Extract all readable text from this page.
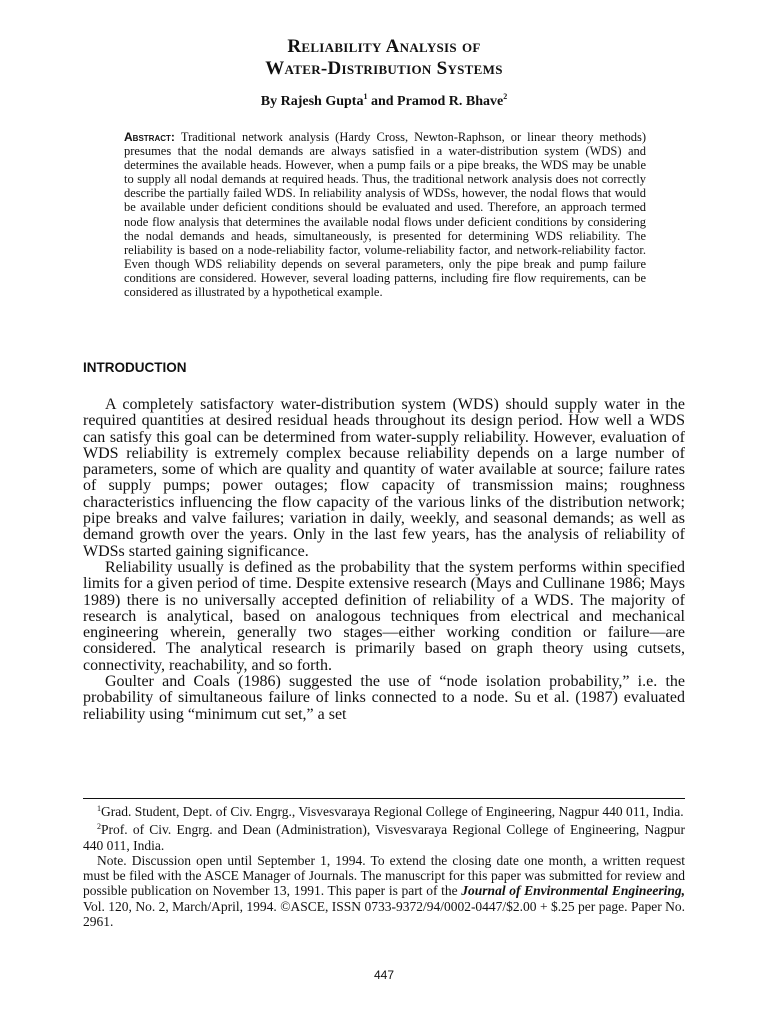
Reliability Analysis of
Water-Distribution Systems

By Rajesh Gupta$^1$ and Pramod R. Bhave$^2$

Abstract: Traditional network analysis (Hardy Cross, Newton-Raphson, or linear theory methods) presumes that the nodal demands are always satisfied in a water-distribution system (WDS) and determines the available heads. However, when a pump fails or a pipe breaks, the WDS may be unable to supply all nodal demands at required heads. Thus, the traditional network analysis does not correctly describe the partially failed WDS. In reliability analysis of WDSs, however, the nodal flows that would be available under deficient conditions should be evaluated and used. Therefore, an approach termed node flow analysis that determines the available nodal flows under deficient conditions by considering the nodal demands and heads, simultaneously, is presented for determining WDS reliability. The reliability is based on a node-reliability factor, volume-reliability factor, and network-reliability factor. Even though WDS reliability depends on several parameters, only the pipe break and pump failure conditions are considered. However, several loading patterns, including fire flow requirements, can be considered as illustrated by a hypothetical example.

INTRODUCTION

A completely satisfactory water-distribution system (WDS) should supply water in the required quantities at desired residual heads throughout its design period. How well a WDS can satisfy this goal can be determined from water-supply reliability. However, evaluation of WDS reliability is extremely complex because reliability depends on a large number of parameters, some of which are quality and quantity of water available at source; failure rates of supply pumps; power outages; flow capacity of transmission mains; roughness characteristics influencing the flow capacity of the various links of the distribution network; pipe breaks and valve failures; variation in daily, weekly, and seasonal demands; as well as demand growth over the years. Only in the last few years, has the analysis of reliability of WDSs started gaining significance.

Reliability usually is defined as the probability that the system performs within specified limits for a given period of time. Despite extensive research (Mays and Cullinane 1986; Mays 1989) there is no universally accepted definition of reliability of a WDS. The majority of research is analytical, based on analogous techniques from electrical and mechanical engineering wherein, generally two stages—either working condition or failure—are considered. The analytical research is primarily based on graph theory using cutsets, connectivity, reachability, and so forth.

Goulter and Coals (1986) suggested the use of “node isolation probability,” i.e. the probability of simultaneous failure of links connected to a node. Su et al. (1987) evaluated reliability using “minimum cut set,” a set

$^1$Grad. Student, Dept. of Civ. Engrg., Visvesvaraya Regional College of Engineering, Nagpur 440 011, India.

$^2$Prof. of Civ. Engrg. and Dean (Administration), Visvesvaraya Regional College of Engineering, Nagpur 440 011, India.

Note. Discussion open until September 1, 1994. To extend the closing date one month, a written request must be filed with the ASCE Manager of Journals. The manuscript for this paper was submitted for review and possible publication on November 13, 1991. This paper is part of the Journal of Environmental Engineering, Vol. 120, No. 2, March/April, 1994. ©ASCE, ISSN 0733-9372/94/0002-0447/$2.00 + $.25 per page. Paper No. 2961.

447
